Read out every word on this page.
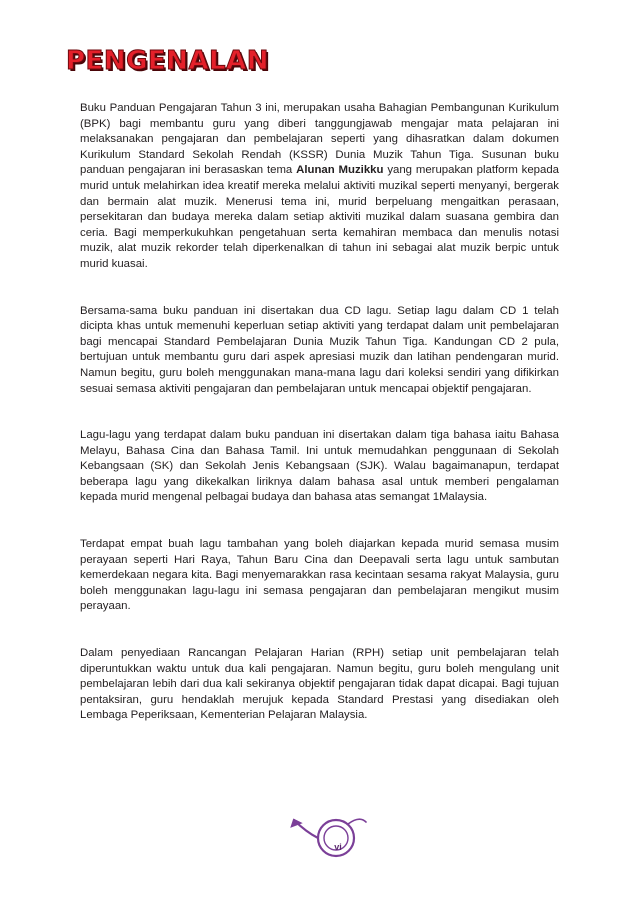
PENGENALAN

Buku Panduan Pengajaran Tahun 3 ini, merupakan usaha Bahagian Pembangunan Kurikulum (BPK) bagi membantu guru yang diberi tanggungjawab mengajar mata pelajaran ini melaksanakan pengajaran dan pembelajaran seperti yang dihasratkan dalam dokumen Kurikulum Standard Sekolah Rendah (KSSR) Dunia Muzik Tahun Tiga. Susunan buku panduan pengajaran ini berasaskan tema Alunan Muzikku yang merupakan platform kepada murid untuk melahirkan idea kreatif mereka melalui aktiviti muzikal seperti menyanyi, bergerak dan bermain alat muzik. Menerusi tema ini, murid berpeluang mengaitkan perasaan, persekitaran dan budaya mereka dalam setiap aktiviti muzikal dalam suasana gembira dan ceria. Bagi memperkukuhkan pengetahuan serta kemahiran membaca dan menulis notasi muzik, alat muzik rekorder telah diperkenalkan di tahun ini sebagai alat muzik berpic untuk murid kuasai.

Bersama-sama buku panduan ini disertakan dua CD lagu. Setiap lagu dalam CD 1 telah dicipta khas untuk memenuhi keperluan setiap aktiviti yang terdapat dalam unit pembelajaran bagi mencapai Standard Pembelajaran Dunia Muzik Tahun Tiga. Kandungan CD 2 pula, bertujuan untuk membantu guru dari aspek apresiasi muzik dan latihan pendengaran murid. Namun begitu, guru boleh menggunakan mana-mana lagu dari koleksi sendiri yang difikirkan sesuai semasa aktiviti pengajaran dan pembelajaran untuk mencapai objektif pengajaran.

Lagu-lagu yang terdapat dalam buku panduan ini disertakan dalam tiga bahasa iaitu Bahasa Melayu, Bahasa Cina dan Bahasa Tamil. Ini untuk memudahkan penggunaan di Sekolah Kebangsaan (SK) dan Sekolah Jenis Kebangsaan (SJK). Walau bagaimanapun, terdapat beberapa lagu yang dikekalkan liriknya dalam bahasa asal untuk memberi pengalaman kepada murid mengenal pelbagai budaya dan bahasa atas semangat 1Malaysia.

Terdapat empat buah lagu tambahan yang boleh diajarkan kepada murid semasa musim perayaan seperti Hari Raya, Tahun Baru Cina dan Deepavali serta lagu untuk sambutan kemerdekaan negara kita. Bagi menyemarakkan rasa kecintaan sesama rakyat Malaysia, guru boleh menggunakan lagu-lagu ini semasa pengajaran dan pembelajaran mengikut musim perayaan.

Dalam penyediaan Rancangan Pelajaran Harian (RPH) setiap unit pembelajaran telah diperuntukkan waktu untuk dua kali pengajaran. Namun begitu, guru boleh mengulang unit pembelajaran lebih dari dua kali sekiranya objektif pengajaran tidak dapat dicapai. Bagi tujuan pentaksiran, guru hendaklah merujuk kepada Standard Prestasi yang disediakan oleh Lembaga Peperiksaan, Kementerian Pelajaran Malaysia.

vi
